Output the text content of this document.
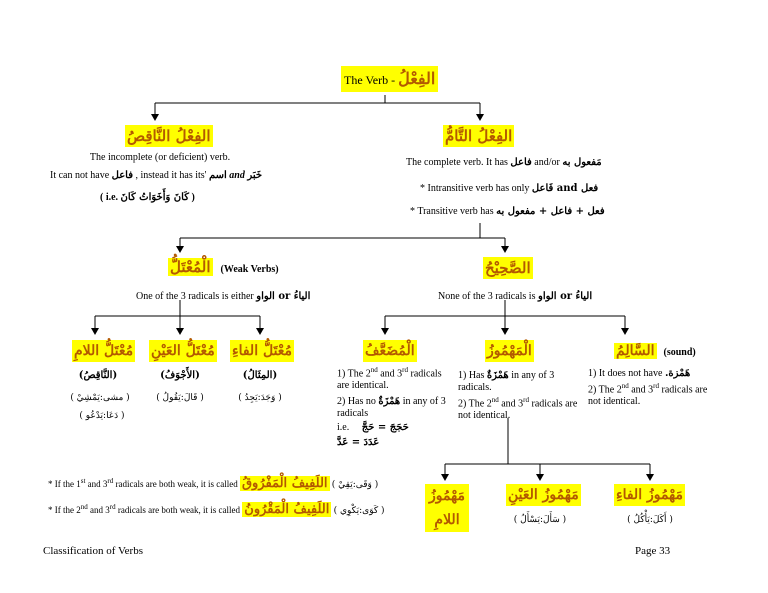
The Verb - الفِعْلُ
الفِعْلُ النَّاقِصُ
The incomplete (or deficient) verb.
It can not have فاعل , instead it has its' اسم and خَبَر
( i.e. كَانَ وَأَخَوَاتُ كَانَ )
الفِعْلُ التَّامُّ
The complete verb. It has فاعل and/or مَفعول به
* Intransitive verb has only فعل and فَاعل
* Transitive verb has فعل + فاعل + مفعول به
الْمُعْتَلُّ (Weak Verbs)
One of the 3 radicals is either الياءُ or الواو
الصَّحِيْحُ
None of the 3 radicals is الياءُ or الواو
مُعْتَلُّ اللامِ
(النَّاقِصُ)
( مشى:يَمْشِيْ )
( دَعَا:يَدْعُو )
مُعْتَلُّ العَيْنِ
(الأَجْوَفُ)
( قَالَ:يَقُولُ )
مُعْتَلُّ الفاءِ
(المِثَالُ)
( وَجَدَ:يَجِدُ )
الْمُضَعَّفُ
1) The 2nd and 3rd radicals are identical.
2) Has no هَمْزَةٌ in any of 3 radicals
i.e. حَجَجَ = حَجَّ
عَدَدَ = عَدَّ
الْمَهْمُوزُ
1) Has هَمْزَةٌ in any of 3 radicals.
2) The 2nd and 3rd radicals are not identical.
السَّالِمُ (sound)
1) It does not have هَمْزة.
2) The 2nd and 3rd radicals are not identical.
مَهْمُوزُ اللامِ
مَهْمُوزُ العَيْنِ
( سَأَلَ:يَسْأَلُ )
مَهْمُوزُ الفاءِ
( أَكَلَ:يَأْكُلُ )
* If the 1st and 3rd radicals are both weak, it is called اللَفِيفُ الْمَفْرُوقُ ( وَقَى:يَقِيْ )
* If the 2nd and 3rd radicals are both weak, it is called اللَفِيفُ الْمَقْرُونُ ( كَوَى:يَكْوِي )
Classification of Verbs	Page 33
